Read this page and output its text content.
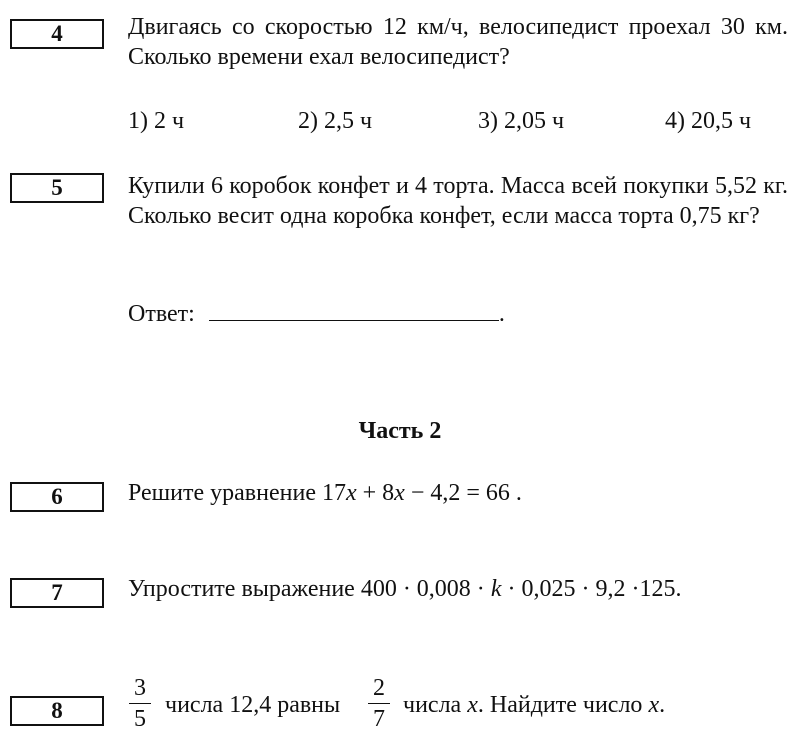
4	Двигаясь со скоростью 12 км/ч, велосипедист проехал 30 км. Сколько времени ехал велосипедист?
1) 2 ч	2) 2,5 ч	3) 2,05 ч	4) 20,5 ч
5	Купили 6 коробок конфет и 4 торта. Масса всей покупки 5,52 кг. Сколько весит одна коробка конфет, если масса торта 0,75 кг?
Ответ:	.
Часть 2
6	Решите уравнение 17x + 8x − 4,2 = 66 .
7	Упростите выражение 400 · 0,008 · k · 0,025 · 9,2 ·125.
8
3
5
числа 12,4 равны
2
7
числа x. Найдите число x.
